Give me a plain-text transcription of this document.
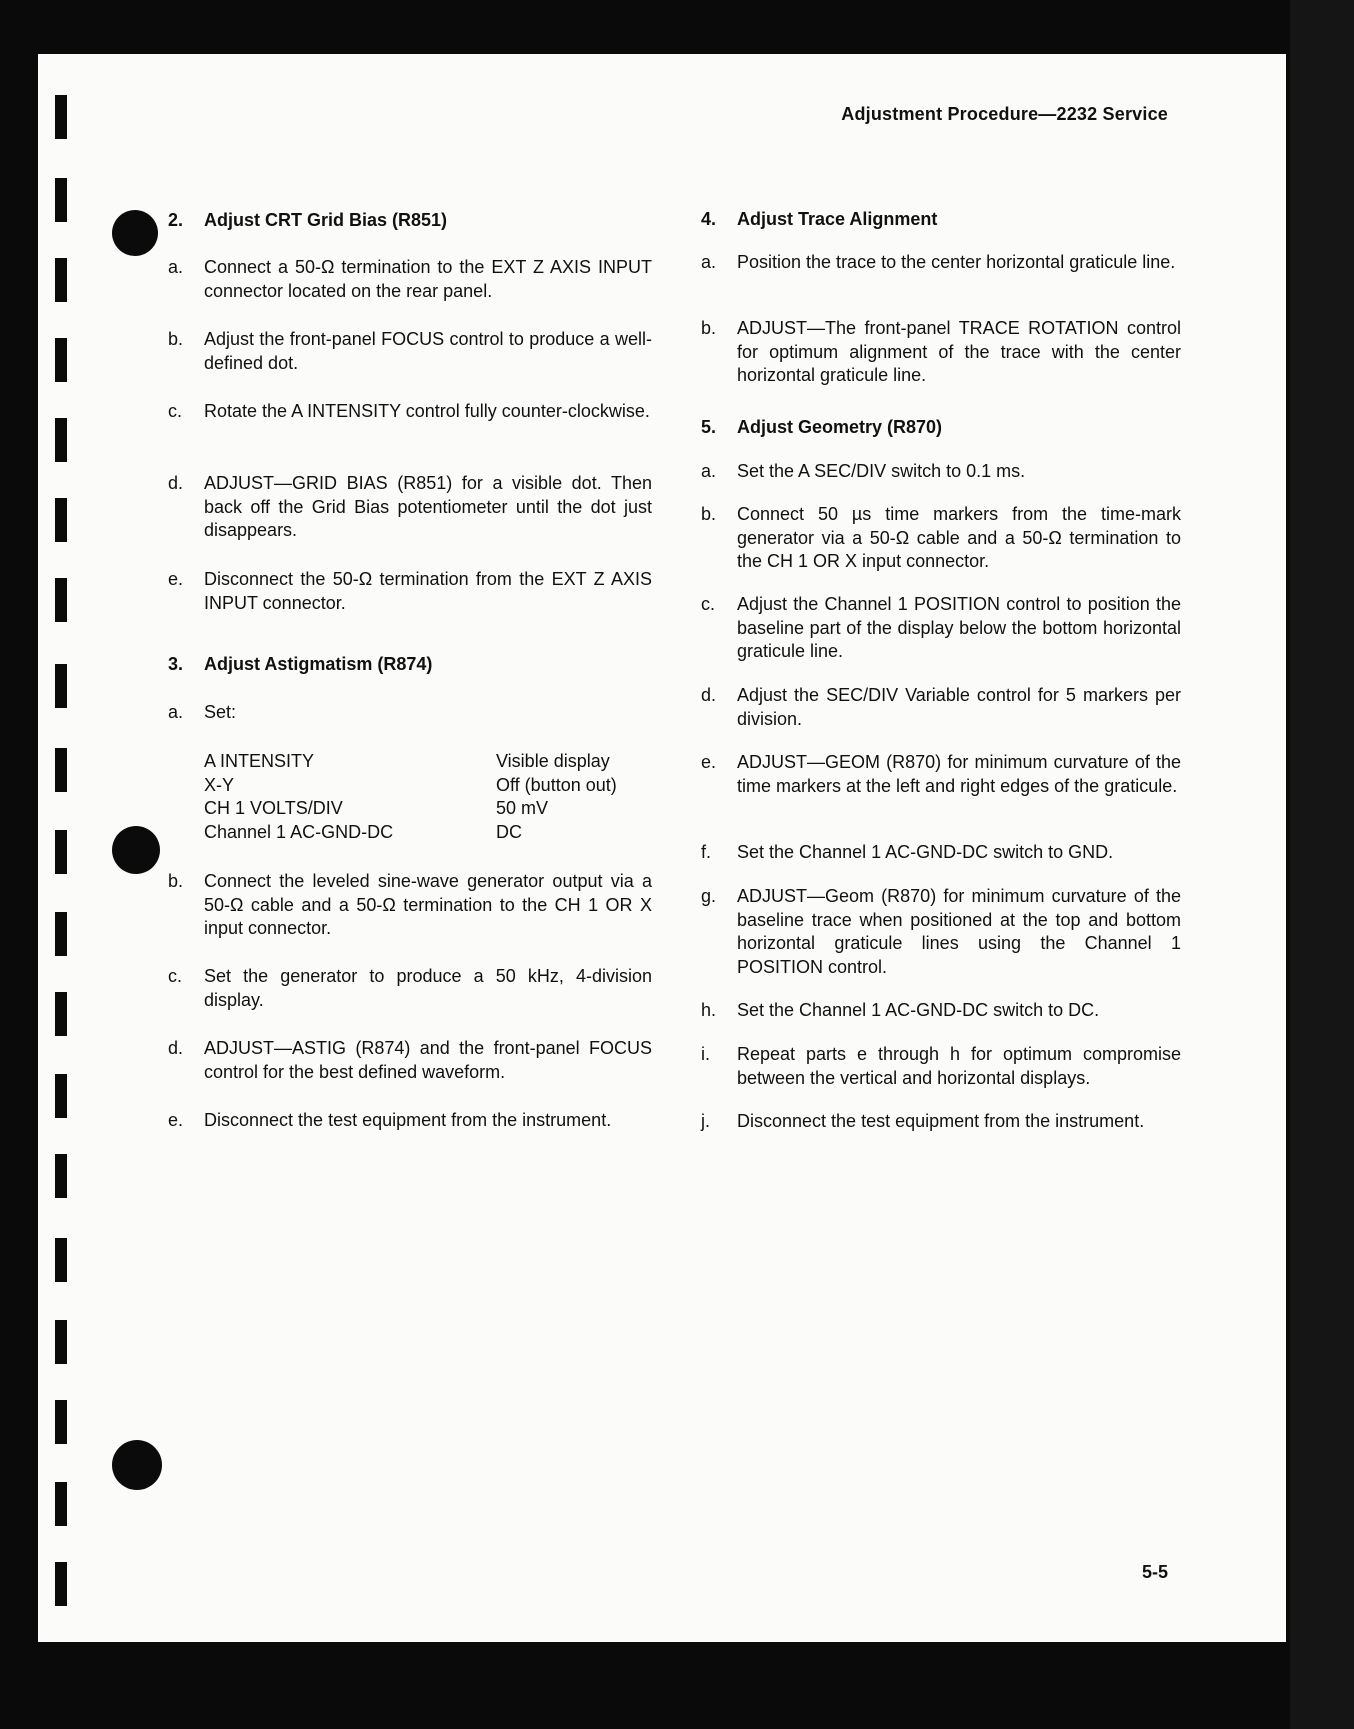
Adjustment Procedure—2232 Service
2. Adjust CRT Grid Bias (R851)
a. Connect a 50-Ω termination to the EXT Z AXIS INPUT connector located on the rear panel.
b. Adjust the front-panel FOCUS control to produce a well-defined dot.
c. Rotate the A INTENSITY control fully counter-clockwise.
d. ADJUST—GRID BIAS (R851) for a visible dot. Then back off the Grid Bias potentiometer until the dot just disappears.
e. Disconnect the 50-Ω termination from the EXT Z AXIS INPUT connector.
3. Adjust Astigmatism (R874)
a. Set:
A INTENSITY	Visible display
X-Y	Off (button out)
CH 1 VOLTS/DIV	50 mV
Channel 1 AC-GND-DC	DC
b. Connect the leveled sine-wave generator output via a 50-Ω cable and a 50-Ω termination to the CH 1 OR X input connector.
c. Set the generator to produce a 50 kHz, 4-division display.
d. ADJUST—ASTIG (R874) and the front-panel FOCUS control for the best defined waveform.
e. Disconnect the test equipment from the instrument.
4. Adjust Trace Alignment
a. Position the trace to the center horizontal graticule line.
b. ADJUST—The front-panel TRACE ROTATION control for optimum alignment of the trace with the center horizontal graticule line.
5. Adjust Geometry (R870)
a. Set the A SEC/DIV switch to 0.1 ms.
b. Connect 50 µs time markers from the time-mark generator via a 50-Ω cable and a 50-Ω termination to the CH 1 OR X input connector.
c. Adjust the Channel 1 POSITION control to position the baseline part of the display below the bottom horizontal graticule line.
d. Adjust the SEC/DIV Variable control for 5 markers per division.
e. ADJUST—GEOM (R870) for minimum curvature of the time markers at the left and right edges of the graticule.
f. Set the Channel 1 AC-GND-DC switch to GND.
g. ADJUST—Geom (R870) for minimum curvature of the baseline trace when positioned at the top and bottom horizontal graticule lines using the Channel 1 POSITION control.
h. Set the Channel 1 AC-GND-DC switch to DC.
i. Repeat parts e through h for optimum compromise between the vertical and horizontal displays.
j. Disconnect the test equipment from the instrument.
5-5
